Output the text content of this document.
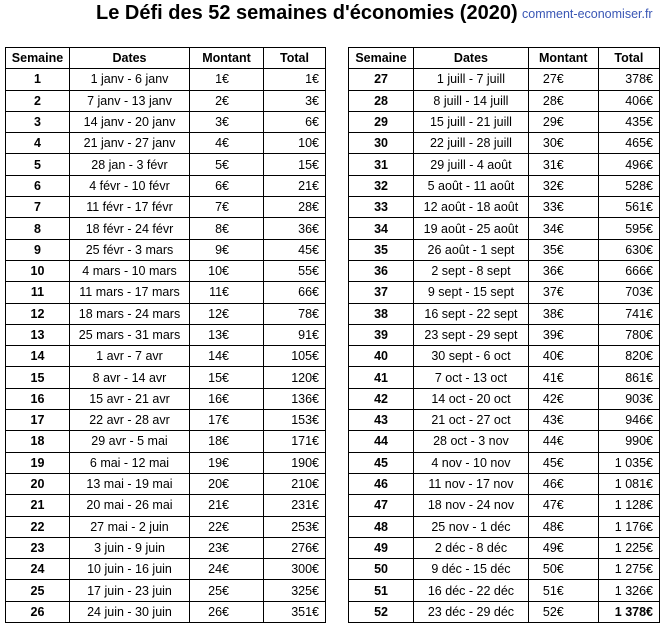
Le Défi des 52 semaines d'économies (2020) comment-economiser.fr
Semaine	Dates	Montant	Total
1	1 janv - 6 janv	1€	1€
2	7 janv - 13 janv	2€	3€
3	14 janv - 20 janv	3€	6€
4	21 janv - 27 janv	4€	10€
5	28 jan - 3 févr	5€	15€
6	4 févr - 10 févr	6€	21€
7	11 févr - 17 févr	7€	28€
8	18 févr - 24 févr	8€	36€
9	25 févr - 3 mars	9€	45€
10	4 mars - 10 mars	10€	55€
11	11 mars - 17 mars	11€	66€
12	18 mars - 24 mars	12€	78€
13	25 mars - 31 mars	13€	91€
14	1 avr - 7 avr	14€	105€
15	8 avr - 14 avr	15€	120€
16	15 avr - 21 avr	16€	136€
17	22 avr - 28 avr	17€	153€
18	29 avr - 5 mai	18€	171€
19	6 mai - 12 mai	19€	190€
20	13 mai - 19 mai	20€	210€
21	20 mai - 26 mai	21€	231€
22	27 mai - 2 juin	22€	253€
23	3 juin - 9 juin	23€	276€
24	10 juin - 16 juin	24€	300€
25	17 juin - 23 juin	25€	325€
26	24 juin - 30 juin	26€	351€
Semaine	Dates	Montant	Total
27	1 juill - 7 juill	27€	378€
28	8 juill - 14 juill	28€	406€
29	15 juill - 21 juill	29€	435€
30	22 juill - 28 juill	30€	465€
31	29 juill - 4 août	31€	496€
32	5 août - 11 août	32€	528€
33	12 août - 18 août	33€	561€
34	19 août - 25 août	34€	595€
35	26 août - 1 sept	35€	630€
36	2 sept - 8 sept	36€	666€
37	9 sept - 15 sept	37€	703€
38	16 sept - 22 sept	38€	741€
39	23 sept - 29 sept	39€	780€
40	30 sept - 6 oct	40€	820€
41	7 oct - 13 oct	41€	861€
42	14 oct - 20 oct	42€	903€
43	21 oct - 27 oct	43€	946€
44	28 oct - 3 nov	44€	990€
45	4 nov - 10 nov	45€	1 035€
46	11 nov - 17 nov	46€	1 081€
47	18 nov - 24 nov	47€	1 128€
48	25 nov - 1 déc	48€	1 176€
49	2 déc - 8 déc	49€	1 225€
50	9 déc - 15 déc	50€	1 275€
51	16 déc - 22 déc	51€	1 326€
52	23 déc - 29 déc	52€	1 378€
